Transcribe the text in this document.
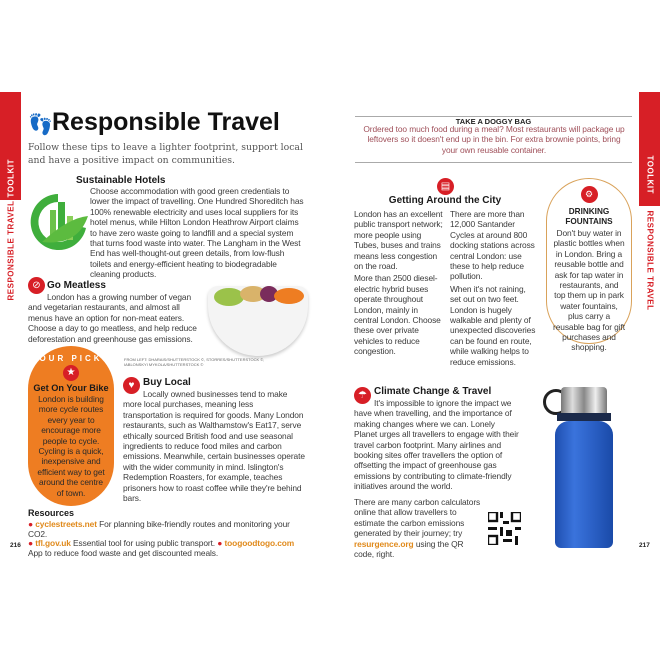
TOOLKIT
RESPONSIBLE TRAVEL
👣 Responsible Travel
Follow these tips to leave a lighter footprint, support local and have a positive impact on communities.
Sustainable Hotels
Choose accommodation with good green credentials to lower the impact of travelling. One Hundred Shoreditch has 100% renewable electricity and uses local suppliers for its hotel menus, while Hilton London Heathrow Airport claims to have zero waste going to landfill and a special system that turns food waste into water. The Langham in the West End has well-thought-out green details, from low-flush toilets and energy-efficient heating to biodegradable cleaning products.
⊘ Go Meatless
London has a growing number of vegan and vegetarian restaurants, and almost all menus have an option for non-meat eaters. Choose a day to go meatless, and help reduce deforestation and greenhouse gas emissions.
FROM LEFT: DHARAIS/SHUTTERSTOCK ©, STORRES/SHUTTERSTOCK ©, IABLONSKYI MYKOLA/SHUTTERSTOCK ©
OUR PICK
★
Get On Your Bike
London is building more cycle routes every year to encourage more people to cycle. Cycling is a quick, inexpensive and efficient way to get around the centre of town.
♥ Buy Local
Locally owned businesses tend to make more local purchases, meaning less transportation is required for goods. Many London restaurants, such as Walthamstow's Eat17, serve ethically sourced British food and use seasonal ingredients to reduce food miles and carbon emissions. Meanwhile, certain businesses operate with the wider community in mind. Islington's Redemption Roasters, for example, teaches prisoners how to roast coffee while they're behind bars.
Resources
● cyclestreets.net For planning bike-friendly routes and monitoring your CO2.
● tfl.gov.uk Essential tool for using public transport. ● toogoodtogo.com App to reduce food waste and get discounted meals.
216
TOOLKIT
RESPONSIBLE TRAVEL
TAKE A DOGGY BAG
Ordered too much food during a meal? Most restaurants will package up leftovers so it doesn't end up in the bin. For extra brownie points, bring your own reusable container.
▤
Getting Around the City

London has an excellent public transport network; more people using Tubes, buses and trains means less congestion on the road.

More than 2500 diesel-electric hybrid buses operate throughout London, mainly in central London. Choose these over private vehicles to reduce congestion.

There are more than 12,000 Santander Cycles at around 800 docking stations across central London: use these to help reduce pollution.

When it's not raining, set out on two feet. London is hugely walkable and plenty of unexpected discoveries can be found en route, while walking helps to reduce emissions.

⚙
DRINKING FOUNTAINS
Don't buy water in plastic bottles when in London. Bring a reusable bottle and ask for tap water in restaurants, and top them up in park water fountains, plus carry a reusable bag for gift purchases and shopping.
☂ Climate Change & Travel
It's impossible to ignore the impact we have when travelling, and the importance of making changes where we can. Lonely Planet urges all travellers to engage with their travel carbon footprint. Many airlines and booking sites offer travellers the option of offsetting the impact of greenhouse gas emissions by contributing to climate-friendly initiatives around the world.
There are many carbon calculators online that allow travellers to estimate the carbon emissions generated by their journey; try resurgence.org using the QR code, right.
217
